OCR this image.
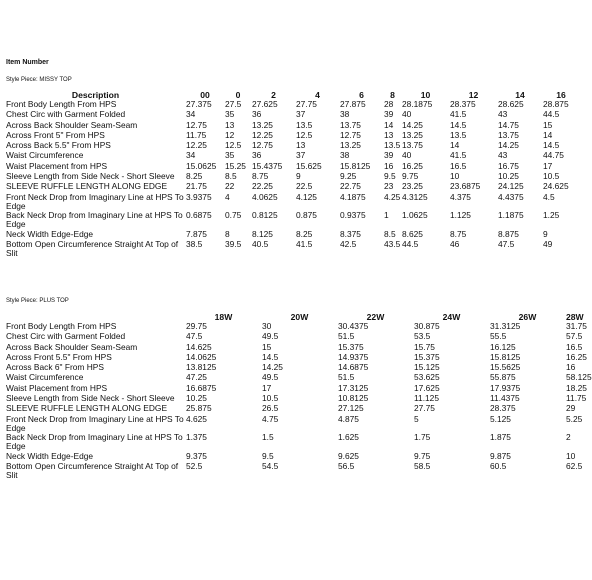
Item Number
Style Piece: MISSY TOP
Description	00	0	2	4	6	8	10	12	14	16
Front Body Length From HPS	27.375	27.5	27.625	27.75	27.875	28	28.1875	28.375	28.625	28.875
Chest Circ with Garment Folded	34	35	36	37	38	39	40	41.5	43	44.5
Across Back Shoulder Seam-Seam	12.75	13	13.25	13.5	13.75	14	14.25	14.5	14.75	15
Across Front 5" From HPS	11.75	12	12.25	12.5	12.75	13	13.25	13.5	13.75	14
Across Back 5.5" From HPS	12.25	12.5	12.75	13	13.25	13.5	13.75	14	14.25	14.5
Waist Circumference	34	35	36	37	38	39	40	41.5	43	44.75
Waist Placement from HPS	15.0625	15.25	15.4375	15.625	15.8125	16	16.25	16.5	16.75	17
Sleeve Length from Side Neck - Short Sleeve	8.25	8.5	8.75	9	9.25	9.5	9.75	10	10.25	10.5
SLEEVE RUFFLE LENGTH ALONG EDGE	21.75	22	22.25	22.5	22.75	23	23.25	23.6875	24.125	24.625
Front Neck Drop from Imaginary Line at HPS To Edge	3.9375	4	4.0625	4.125	4.1875	4.25	4.3125	4.375	4.4375	4.5
Back Neck Drop from Imaginary Line at HPS To Edge	0.6875	0.75	0.8125	0.875	0.9375	1	1.0625	1.125	1.1875	1.25
Neck Width Edge-Edge	7.875	8	8.125	8.25	8.375	8.5	8.625	8.75	8.875	9
Bottom Open Circumference Straight At Top of Slit	38.5	39.5	40.5	41.5	42.5	43.5	44.5	46	47.5	49
Style Piece: PLUS TOP
	18W	20W	22W	24W	26W	28W	
Front Body Length From HPS	29.75	30	30.4375	30.875	31.3125	31.75	
Chest Circ with Garment Folded	47.5	49.5	51.5	53.5	55.5	57.5	
Across Back Shoulder Seam-Seam	14.625	15	15.375	15.75	16.125	16.5	
Across Front 5.5" From HPS	14.0625	14.5	14.9375	15.375	15.8125	16.25	
Across Back 6" From HPS	13.8125	14.25	14.6875	15.125	15.5625	16	
Waist Circumference	47.25	49.5	51.5	53.625	55.875	58.125	
Waist Placement from HPS	16.6875	17	17.3125	17.625	17.9375	18.25	
Sleeve Length from Side Neck - Short Sleeve	10.25	10.5	10.8125	11.125	11.4375	11.75	
SLEEVE RUFFLE LENGTH ALONG EDGE	25.875	26.5	27.125	27.75	28.375	29	
Front Neck Drop from Imaginary Line at HPS To Edge	4.625	4.75	4.875	5	5.125	5.25	
Back Neck Drop from Imaginary Line at HPS To Edge	1.375	1.5	1.625	1.75	1.875	2	
Neck Width Edge-Edge	9.375	9.5	9.625	9.75	9.875	10	
Bottom Open Circumference Straight At Top of Slit	52.5	54.5	56.5	58.5	60.5	62.5	
